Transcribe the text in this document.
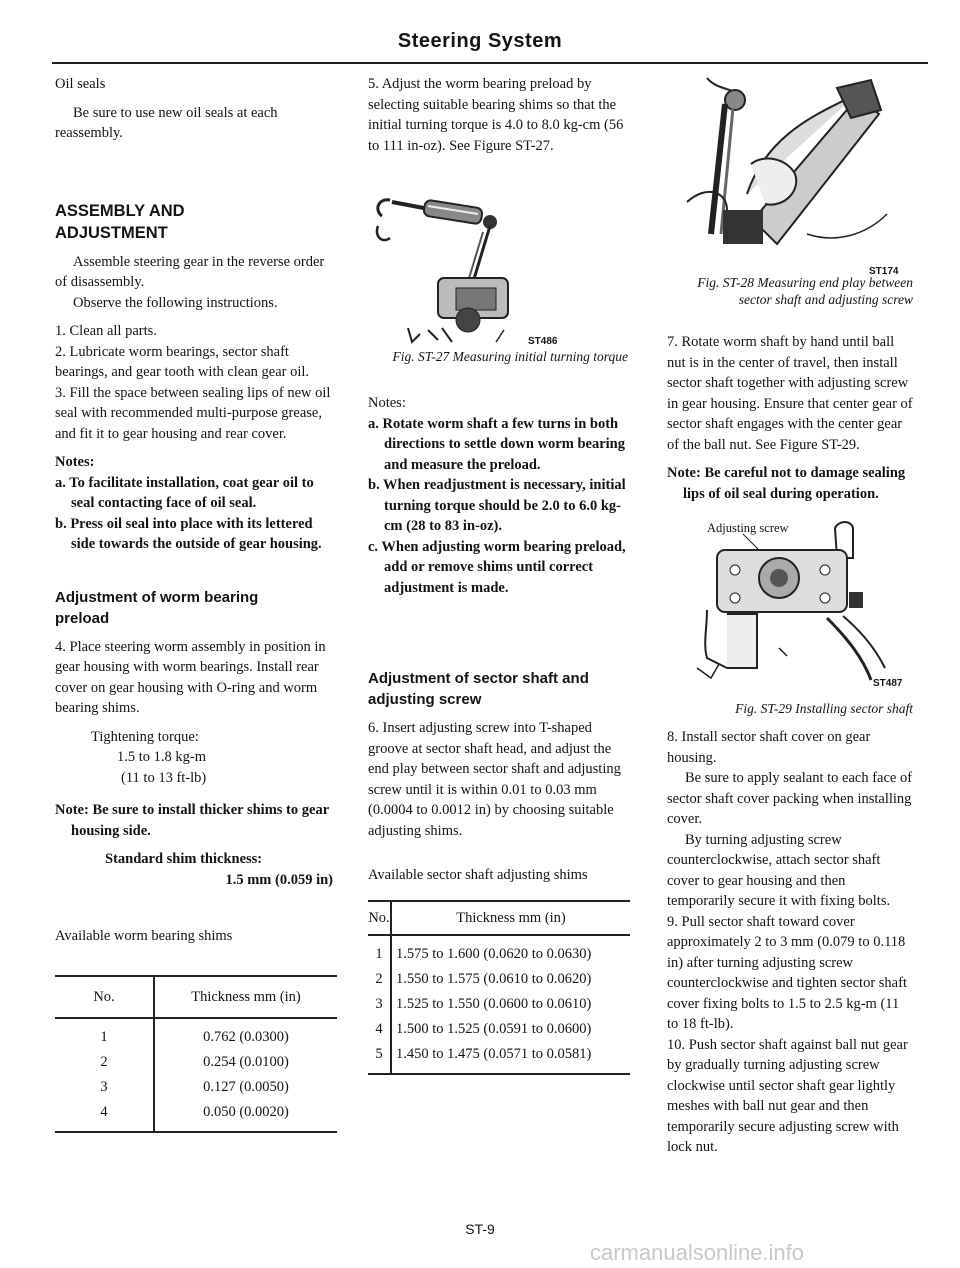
Steering System

Oil seals

Be sure to use new oil seals at each reassembly.

ASSEMBLY AND ADJUSTMENT

Assemble steering gear in the reverse order of disassembly.

Observe the following instructions.

1. Clean all parts.

2. Lubricate worm bearings, sector shaft bearings, and gear tooth with clean gear oil.

3. Fill the space between sealing lips of new oil seal with recommended multi-purpose grease, and fit it to gear housing and rear cover.

Notes:

a. To facilitate installation, coat gear oil to seal contacting face of oil seal.

b. Press oil seal into place with its lettered side towards the outside of gear housing.

Adjustment of worm bearing preload

4. Place steering worm assembly in position in gear housing with worm bearings. Install rear cover on gear housing with O-ring and worm bearing shims.

Tightening torque:

1.5 to 1.8 kg-m

(11 to 13 ft-lb)

Note: Be sure to install thicker shims to gear housing side.

Standard shim thickness:

1.5 mm (0.059 in)

Available worm bearing shims

No.	Thickness mm (in)

1	0.762 (0.0300)
2	0.254 (0.0100)
3	0.127 (0.0050)
4	0.050 (0.0020)

5. Adjust the worm bearing preload by selecting suitable bearing shims so that the initial turning torque is 4.0 to 8.0 kg-cm (56 to 111 in-oz). See Figure ST-27.

ST486

Fig. ST-27 Measuring initial turning torque

Notes:

a. Rotate worm shaft a few turns in both directions to settle down worm bearing and measure the preload.

b. When readjustment is necessary, initial turning torque should be 2.0 to 6.0 kg-cm (28 to 83 in-oz).

c. When adjusting worm bearing preload, add or remove shims until correct adjustment is made.

Adjustment of sector shaft and adjusting screw

6. Insert adjusting screw into T-shaped groove at sector shaft head, and adjust the end play between sector shaft and adjusting screw until it is within 0.01 to 0.03 mm (0.0004 to 0.0012 in) by choosing suitable adjusting shims.

Available sector shaft adjusting shims

No.	Thickness mm (in)

1	1.575 to 1.600 (0.0620 to 0.0630)
2	1.550 to 1.575 (0.0610 to 0.0620)
3	1.525 to 1.550 (0.0600 to 0.0610)
4	1.500 to 1.525 (0.0591 to 0.0600)
5	1.450 to 1.475 (0.0571 to 0.0581)

ST174

Fig. ST-28 Measuring end play between sector shaft and adjusting screw

7. Rotate worm shaft by hand until ball nut is in the center of travel, then install sector shaft together with adjusting screw in gear housing. Ensure that center gear of sector shaft engages with the center gear of the ball nut. See Figure ST-29.

Note: Be careful not to damage sealing lips of oil seal during operation.

Adjusting screw
ST487

Fig. ST-29 Installing sector shaft

8. Install sector shaft cover on gear housing.

Be sure to apply sealant to each face of sector shaft cover packing when installing cover.

By turning adjusting screw counterclockwise, attach sector shaft cover to gear housing and then temporarily secure it with fixing bolts.

9. Pull sector shaft toward cover approximately 2 to 3 mm (0.079 to 0.118 in) after turning adjusting screw counterclockwise and tighten sector shaft cover fixing bolts to 1.5 to 2.5 kg-m (11 to 18 ft-lb).

10. Push sector shaft against ball nut gear by gradually turning adjusting screw clockwise until sector shaft gear lightly meshes with ball nut gear and then temporarily secure adjusting screw with lock nut.

ST-9
carmanualsonline.info
